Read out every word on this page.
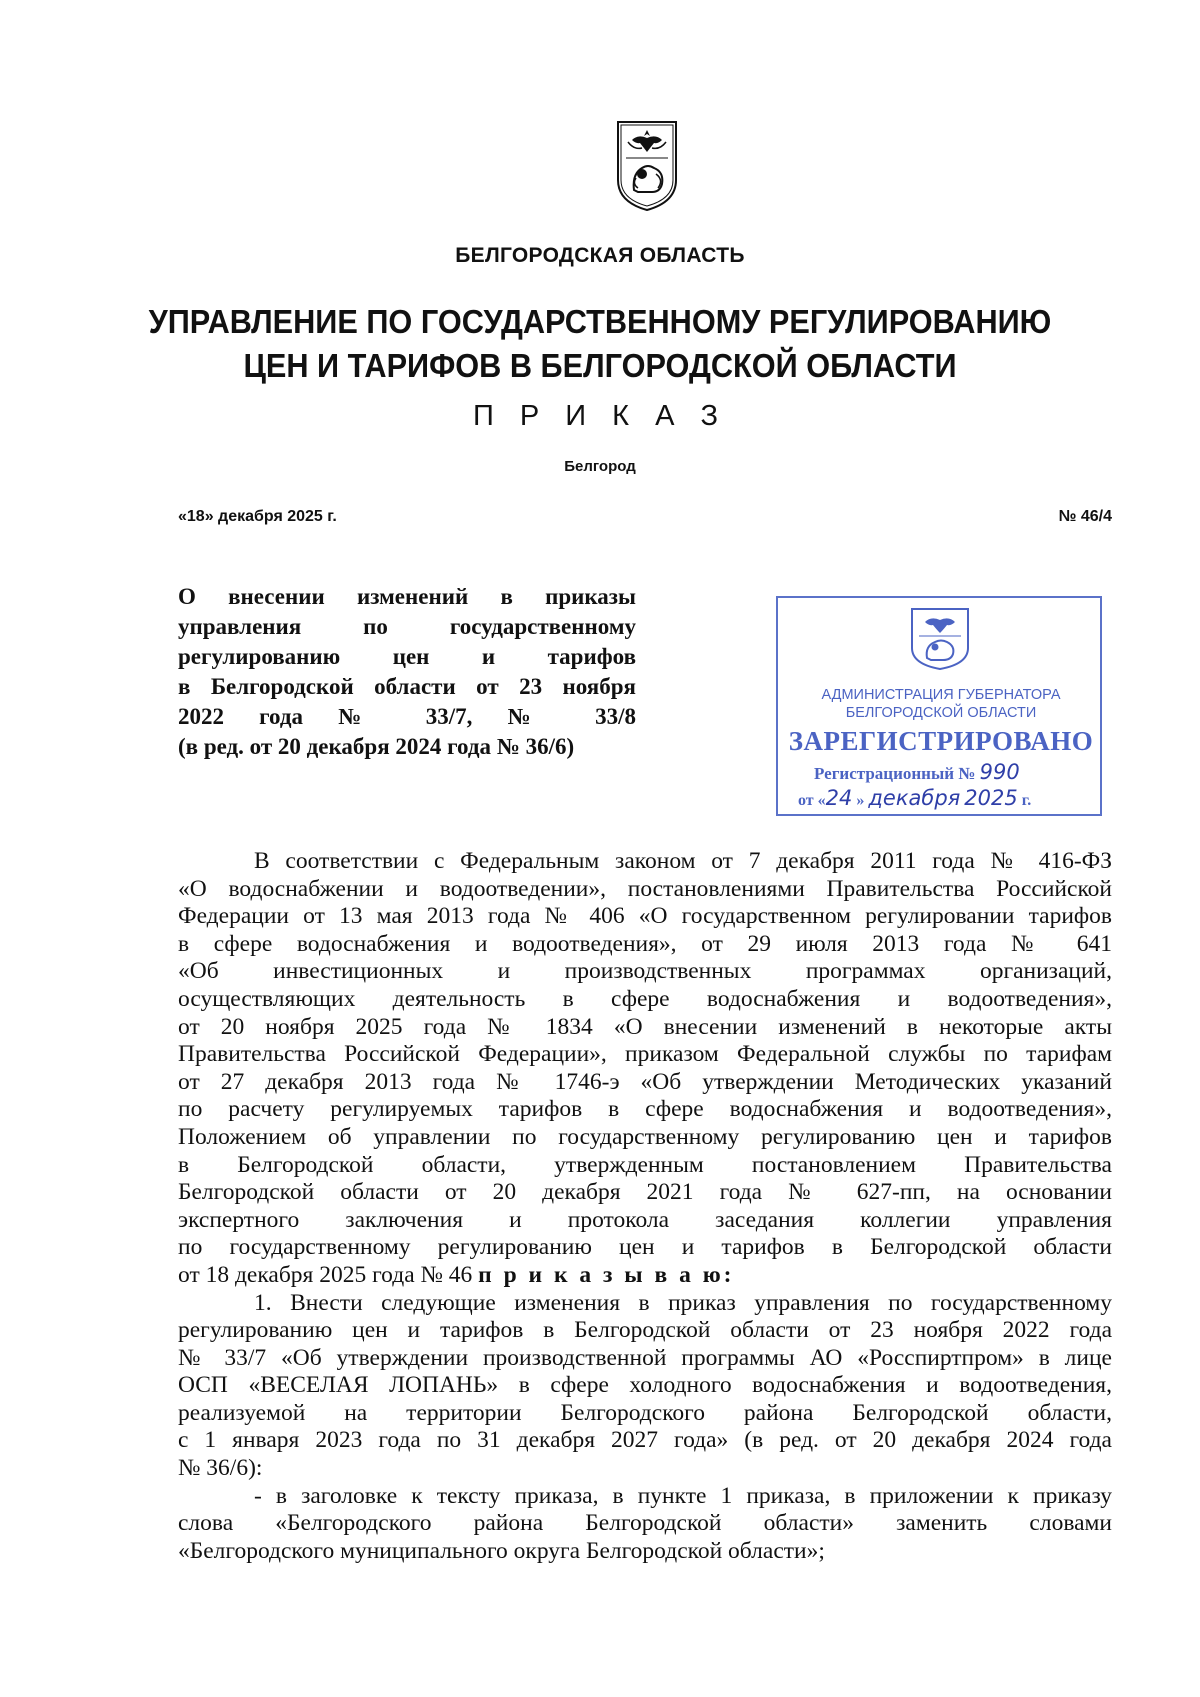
БЕЛГОРОДСКАЯ ОБЛАСТЬ
УПРАВЛЕНИЕ ПО ГОСУДАРСТВЕННОМУ РЕГУЛИРОВАНИЮ
ЦЕН И ТАРИФОВ В БЕЛГОРОДСКОЙ ОБЛАСТИ
П Р И К А З
Белгород
«18» декабря 2025 г.	№ 46/4
О внесении изменений в приказы
управления по государственному
регулированию цен и тарифов
в Белгородской области от 23 ноября
2022 года № 33/7, № 33/8
(в ред. от 20 декабря 2024 года № 36/6)
АДМИНИСТРАЦИЯ ГУБЕРНАТОРА
БЕЛГОРОДСКОЙ ОБЛАСТИ
ЗАРЕГИСТРИРОВАНО
Регистрационный № 990
от «24 » декабря 2025 г.
В соответствии с Федеральным законом от 7 декабря 2011 года № 416-ФЗ
«О водоснабжении и водоотведении», постановлениями Правительства Российской
Федерации от 13 мая 2013 года № 406 «О государственном регулировании тарифов
в сфере водоснабжения и водоотведения», от 29 июля 2013 года № 641
«Об инвестиционных и производственных программах организаций,
осуществляющих деятельность в сфере водоснабжения и водоотведения»,
от 20 ноября 2025 года № 1834 «О внесении изменений в некоторые акты
Правительства Российской Федерации», приказом Федеральной службы по тарифам
от 27 декабря 2013 года № 1746-э «Об утверждении Методических указаний
по расчету регулируемых тарифов в сфере водоснабжения и водоотведения»,
Положением об управлении по государственному регулированию цен и тарифов
в Белгородской области, утвержденным постановлением Правительства
Белгородской области от 20 декабря 2021 года № 627-пп, на основании
экспертного заключения и протокола заседания коллегии управления
по государственному регулированию цен и тарифов в Белгородской области
от 18 декабря 2025 года № 46 п р и к а з ы в а ю:
1. Внести следующие изменения в приказ управления по государственному
регулированию цен и тарифов в Белгородской области от 23 ноября 2022 года
№ 33/7 «Об утверждении производственной программы АО «Росспиртпром» в лице
ОСП «ВЕСЕЛАЯ ЛОПАНЬ» в сфере холодного водоснабжения и водоотведения,
реализуемой на территории Белгородского района Белгородской области,
с 1 января 2023 года по 31 декабря 2027 года» (в ред. от 20 декабря 2024 года
№ 36/6):
- в заголовке к тексту приказа, в пункте 1 приказа, в приложении к приказу
слова «Белгородского района Белгородской области» заменить словами
«Белгородского муниципального округа Белгородской области»;
